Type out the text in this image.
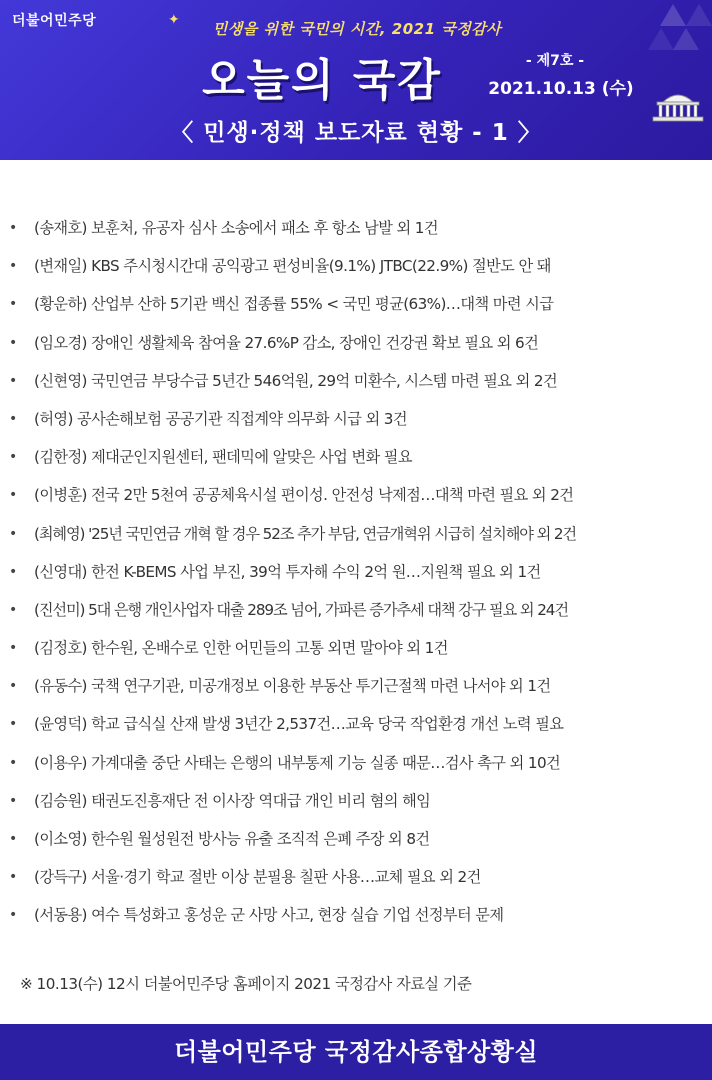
더불어민주당	✦	민생을 위한 국민의 시간, 2021 국정감사
오늘의 국감	- 제7호 -
2021.10.13 (수)
〈 민생·정책 보도자료 현황 - 1 〉
• (송재호) 보훈처, 유공자 심사 소송에서 패소 후 항소 남발 외 1건
• (변재일) KBS 주시청시간대 공익광고 편성비율(9.1%) JTBC(22.9%) 절반도 안 돼
• (황운하) 산업부 산하 5기관 백신 접종률 55% < 국민 평균(63%)…대책 마련 시급
• (임오경) 장애인 생활체육 참여율 27.6%P 감소, 장애인 건강권 확보 필요 외 6건
• (신현영) 국민연금 부당수급 5년간 546억원, 29억 미환수, 시스템 마련 필요 외 2건
• (허영) 공사손해보험 공공기관 직접계약 의무화 시급 외 3건
• (김한정) 제대군인지원센터, 팬데믹에 알맞은 사업 변화 필요
• (이병훈) 전국 2만 5천여 공공체육시설 편이성. 안전성 낙제점…대책 마련 필요 외 2건
• (최혜영) '25년 국민연금 개혁 할 경우 52조 추가 부담, 연금개혁위 시급히 설치해야 외 2건
• (신영대) 한전 K-BEMS 사업 부진, 39억 투자해 수익 2억 원…지원책 필요 외 1건
• (진선미) 5대 은행 개인사업자 대출 289조 넘어, 가파른 증가추세 대책 강구 필요 외 24건
• (김정호) 한수원, 온배수로 인한 어민들의 고통 외면 말아야 외 1건
• (유동수) 국책 연구기관, 미공개정보 이용한 부동산 투기근절책 마련 나서야 외 1건
• (윤영덕) 학교 급식실 산재 발생 3년간 2,537건…교육 당국 작업환경 개선 노력 필요
• (이용우) 가계대출 중단 사태는 은행의 내부통제 기능 실종 때문…검사 촉구 외 10건
• (김승원) 태권도진흥재단 전 이사장 역대급 개인 비리 혐의 해임
• (이소영) 한수원 월성원전 방사능 유출 조직적 은폐 주장 외 8건
• (강득구) 서울·경기 학교 절반 이상 분필용 칠판 사용…교체 필요 외 2건
• (서동용) 여수 특성화고 홍성운 군 사망 사고, 현장 실습 기업 선정부터 문제
※ 10.13(수) 12시 더불어민주당 홈페이지 2021 국정감사 자료실 기준
더불어민주당 국정감사종합상황실
